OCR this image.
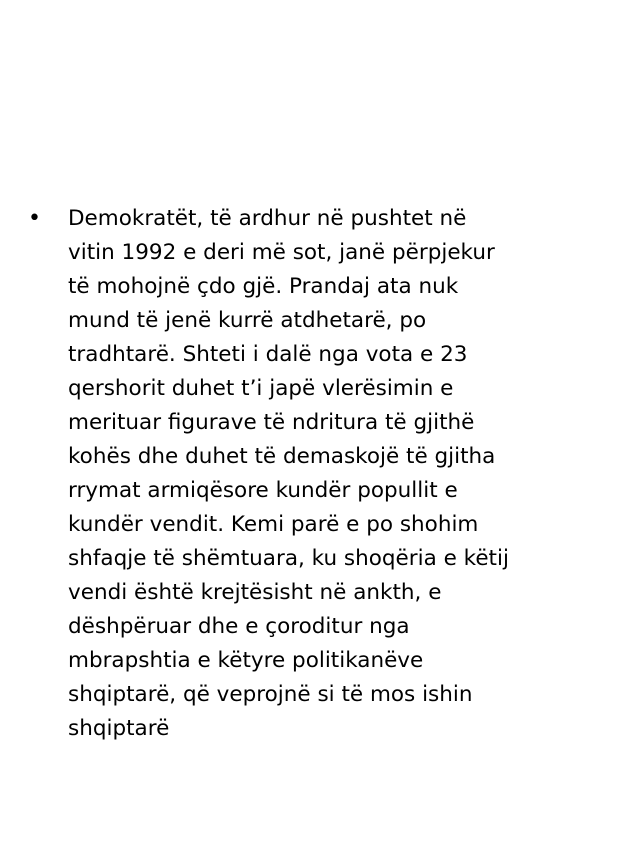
•	Demokratët, të ardhur në pushtet në
vitin 1992 e deri më sot, janë përpjekur
të mohojnë çdo gjë. Prandaj ata nuk
mund të jenë kurrë atdhetarë, po
tradhtarë. Shteti i dalë nga vota e 23
qershorit duhet t’i japë vlerësimin e
merituar figurave të ndritura të gjithë
kohës dhe duhet të demaskojë të gjitha
rrymat armiqësore kundër popullit e
kundër vendit. Kemi parë e po shohim
shfaqje të shëmtuara, ku shoqëria e këtij
vendi është krejtësisht në ankth, e
dëshpëruar dhe e çoroditur nga
mbrapshtia e këtyre politikanëve
shqiptarë, që veprojnë si të mos ishin
shqiptarë
